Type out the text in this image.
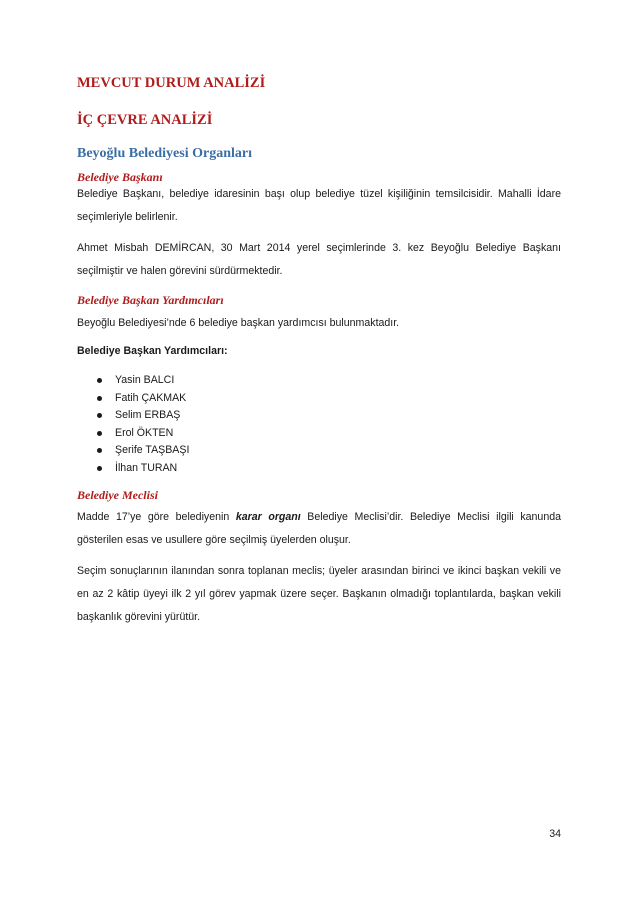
MEVCUT DURUM ANALİZİ
İÇ ÇEVRE ANALİZİ
Beyoğlu Belediyesi Organları
Belediye Başkanı

Belediye Başkanı, belediye idaresinin başı olup belediye tüzel kişiliğinin temsilcisidir. Mahalli İdare seçimleriyle belirlenir.

Ahmet Misbah DEMİRCAN, 30 Mart 2014 yerel seçimlerinde 3. kez Beyoğlu Belediye Başkanı seçilmiştir ve halen görevini sürdürmektedir.

Belediye Başkan Yardımcıları

Beyoğlu Belediyesi’nde 6 belediye başkan yardımcısı bulunmaktadır.

Belediye Başkan Yardımcıları:

Yasin BALCI
Fatih ÇAKMAK
Selim ERBAŞ
Erol ÖKTEN
Şerife TAŞBAŞI
İlhan TURAN
Belediye Meclisi

Madde 17’ye göre belediyenin karar organı Belediye Meclisi’dir. Belediye Meclisi ilgili kanunda gösterilen esas ve usullere göre seçilmiş üyelerden oluşur.

Seçim sonuçlarının ilanından sonra toplanan meclis; üyeler arasından birinci ve ikinci başkan vekili ve en az 2 kâtip üyeyi ilk 2 yıl görev yapmak üzere seçer. Başkanın olmadığı toplantılarda, başkan vekili başkanlık görevini yürütür.

34
